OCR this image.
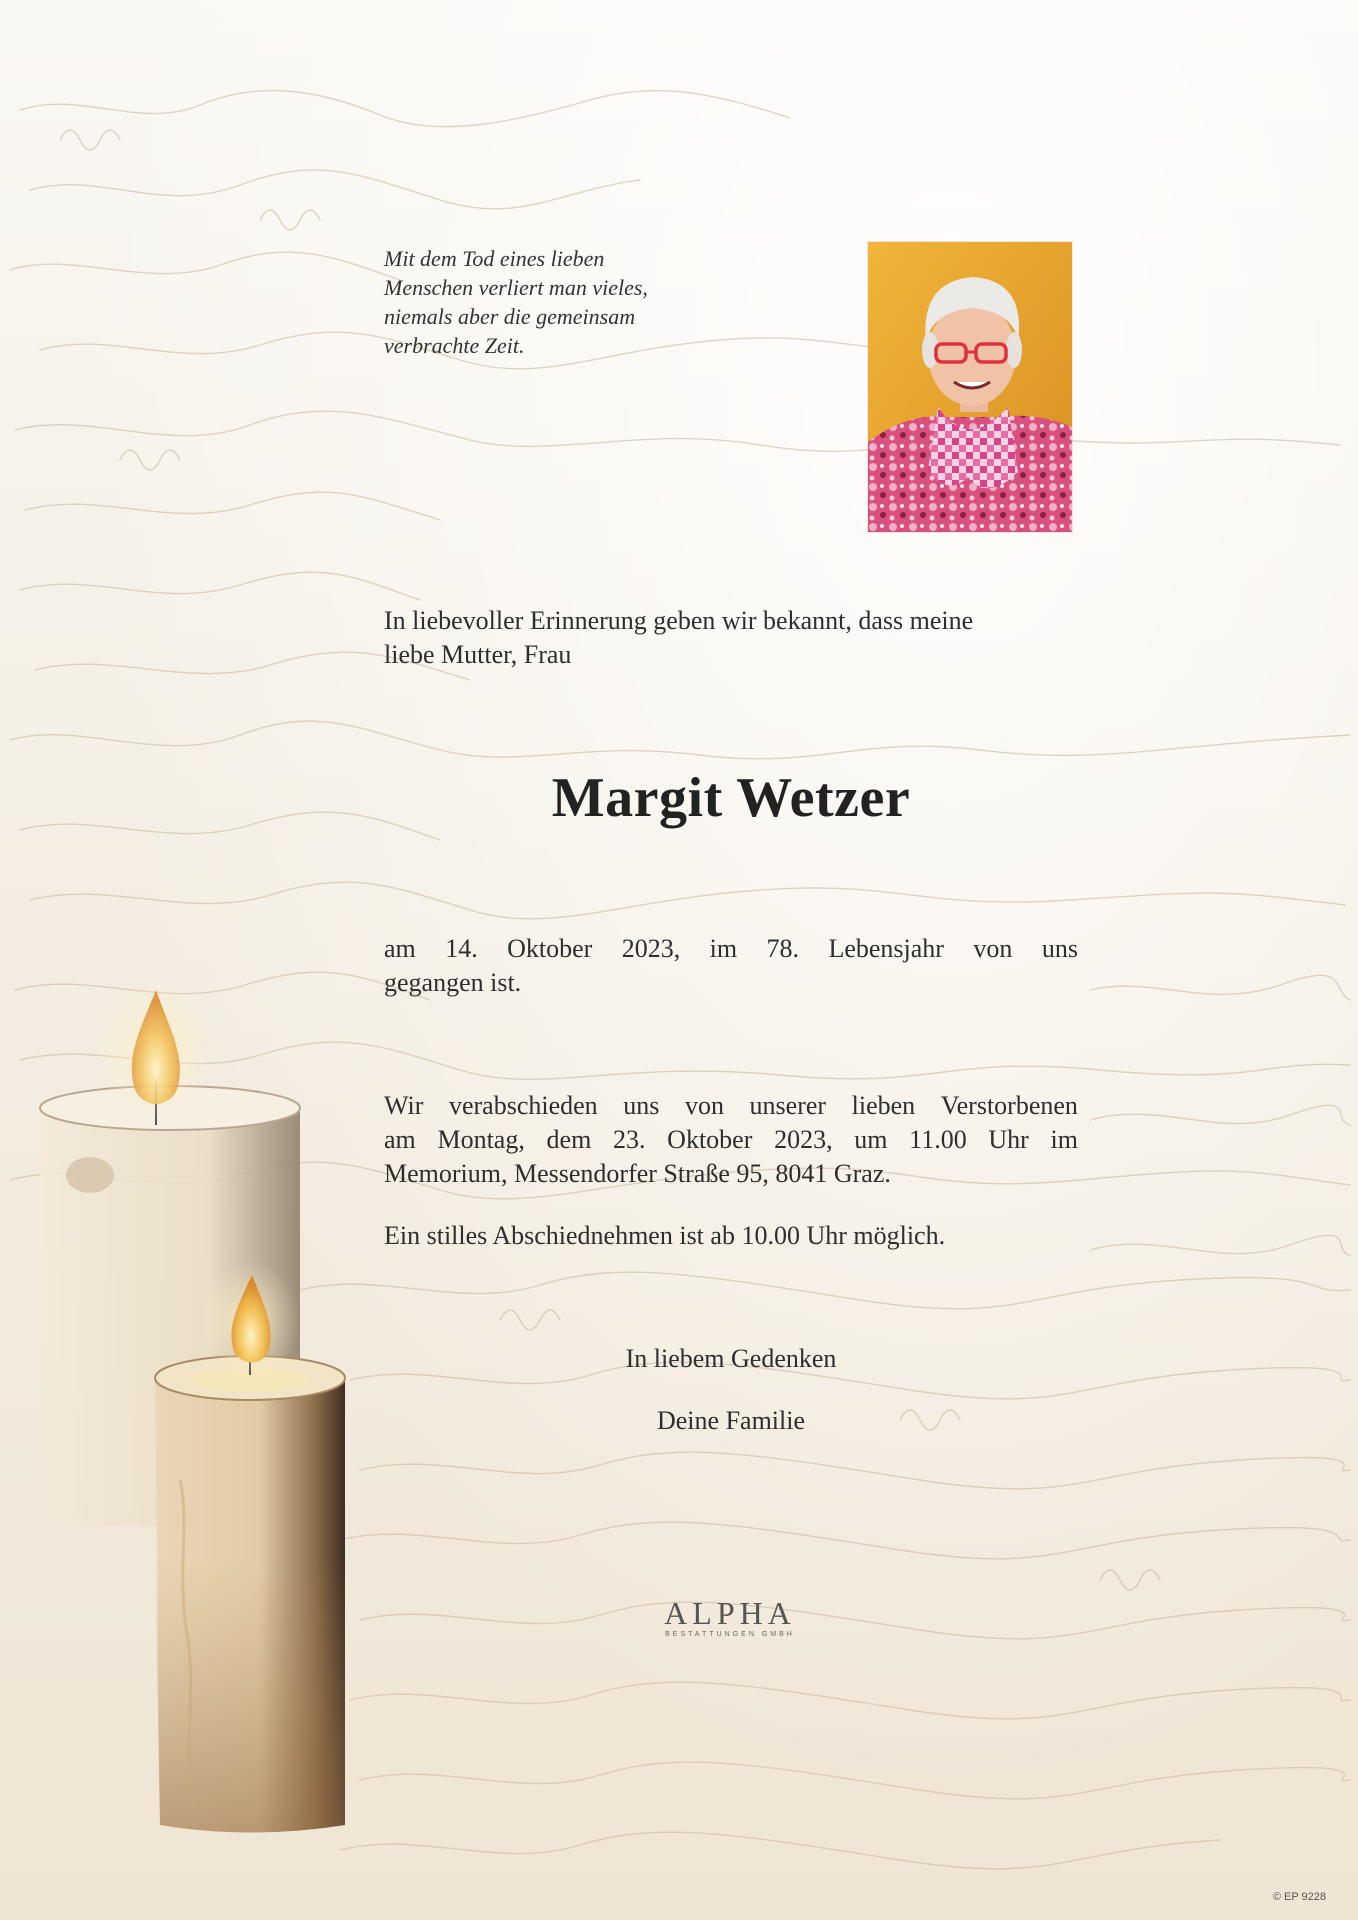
Mit dem Tod eines lieben
Menschen verliert man vieles,
niemals aber die gemeinsam
verbrachte Zeit.
In liebevoller Erinnerung geben wir bekannt, dass meine
liebe Mutter, Frau
Margit Wetzer
am 14. Oktober 2023, im 78. Lebensjahr von uns
gegangen ist.
Wir verabschieden uns von unserer lieben Verstorbenen
am Montag, dem 23. Oktober 2023, um 11.00 Uhr im
Memorium, Messendorfer Straße 95, 8041 Graz.
Ein stilles Abschiednehmen ist ab 10.00 Uhr möglich.
In liebem Gedenken
Deine Familie
ALPHA
BESTATTUNGEN GMBH
© EP 9228
